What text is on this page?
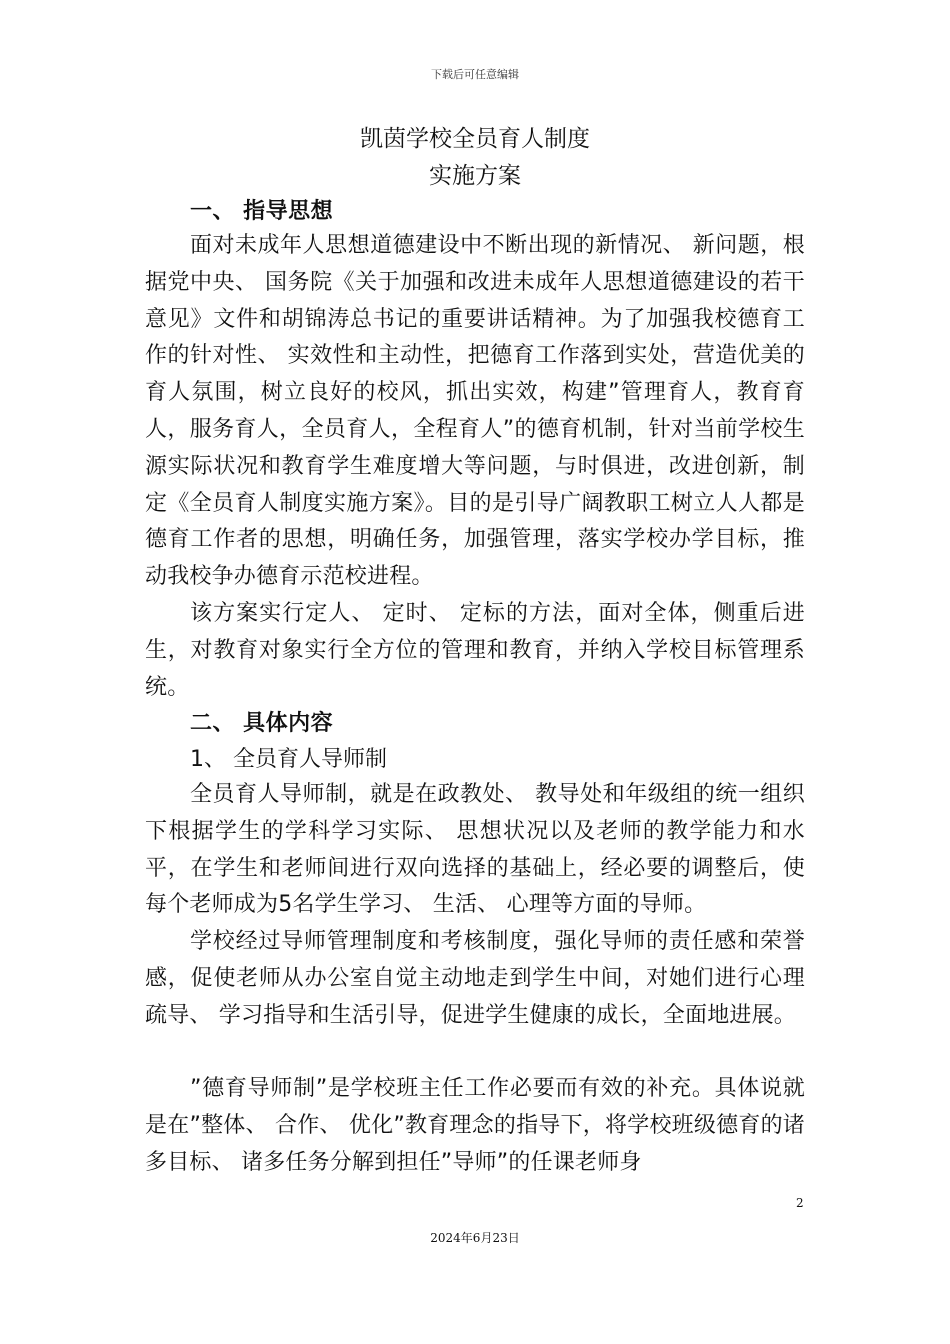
下载后可任意编辑
凯茵学校全员育人制度
实施方案
一、 指导思想
面对未成年人思想道德建设中不断出现的新情况、 新问题，根据党中央、 国务院《关于加强和改进未成年人思想道德建设的若干意见》文件和胡锦涛总书记的重要讲话精神。为了加强我校德育工作的针对性、 实效性和主动性，把德育工作落到实处，营造优美的育人氛围，树立良好的校风，抓出实效，构建”管理育人，教育育人，服务育人，全员育人，全程育人”的德育机制，针对当前学校生源实际状况和教育学生难度增大等问题，与时俱进，改进创新，制定《全员育人制度实施方案》。目的是引导广阔教职工树立人人都是德育工作者的思想，明确任务，加强管理，落实学校办学目标，推动我校争办德育示范校进程。
该方案实行定人、 定时、 定标的方法，面对全体，侧重后进生，对教育对象实行全方位的管理和教育，并纳入学校目标管理系统。
二、 具体内容
1、 全员育人导师制
全员育人导师制，就是在政教处、 教导处和年级组的统一组织下根据学生的学科学习实际、 思想状况以及老师的教学能力和水平，在学生和老师间进行双向选择的基础上，经必要的调整后，使每个老师成为5名学生学习、 生活、 心理等方面的导师。
学校经过导师管理制度和考核制度，强化导师的责任感和荣誉感，促使老师从办公室自觉主动地走到学生中间，对她们进行心理疏导、 学习指导和生活引导，促进学生健康的成长，全面地进展。
”德育导师制”是学校班主任工作必要而有效的补充。具体说就是在”整体、 合作、 优化”教育理念的指导下，将学校班级德育的诸多目标、 诸多任务分解到担任”导师”的任课老师身
2
2024年6月23日
